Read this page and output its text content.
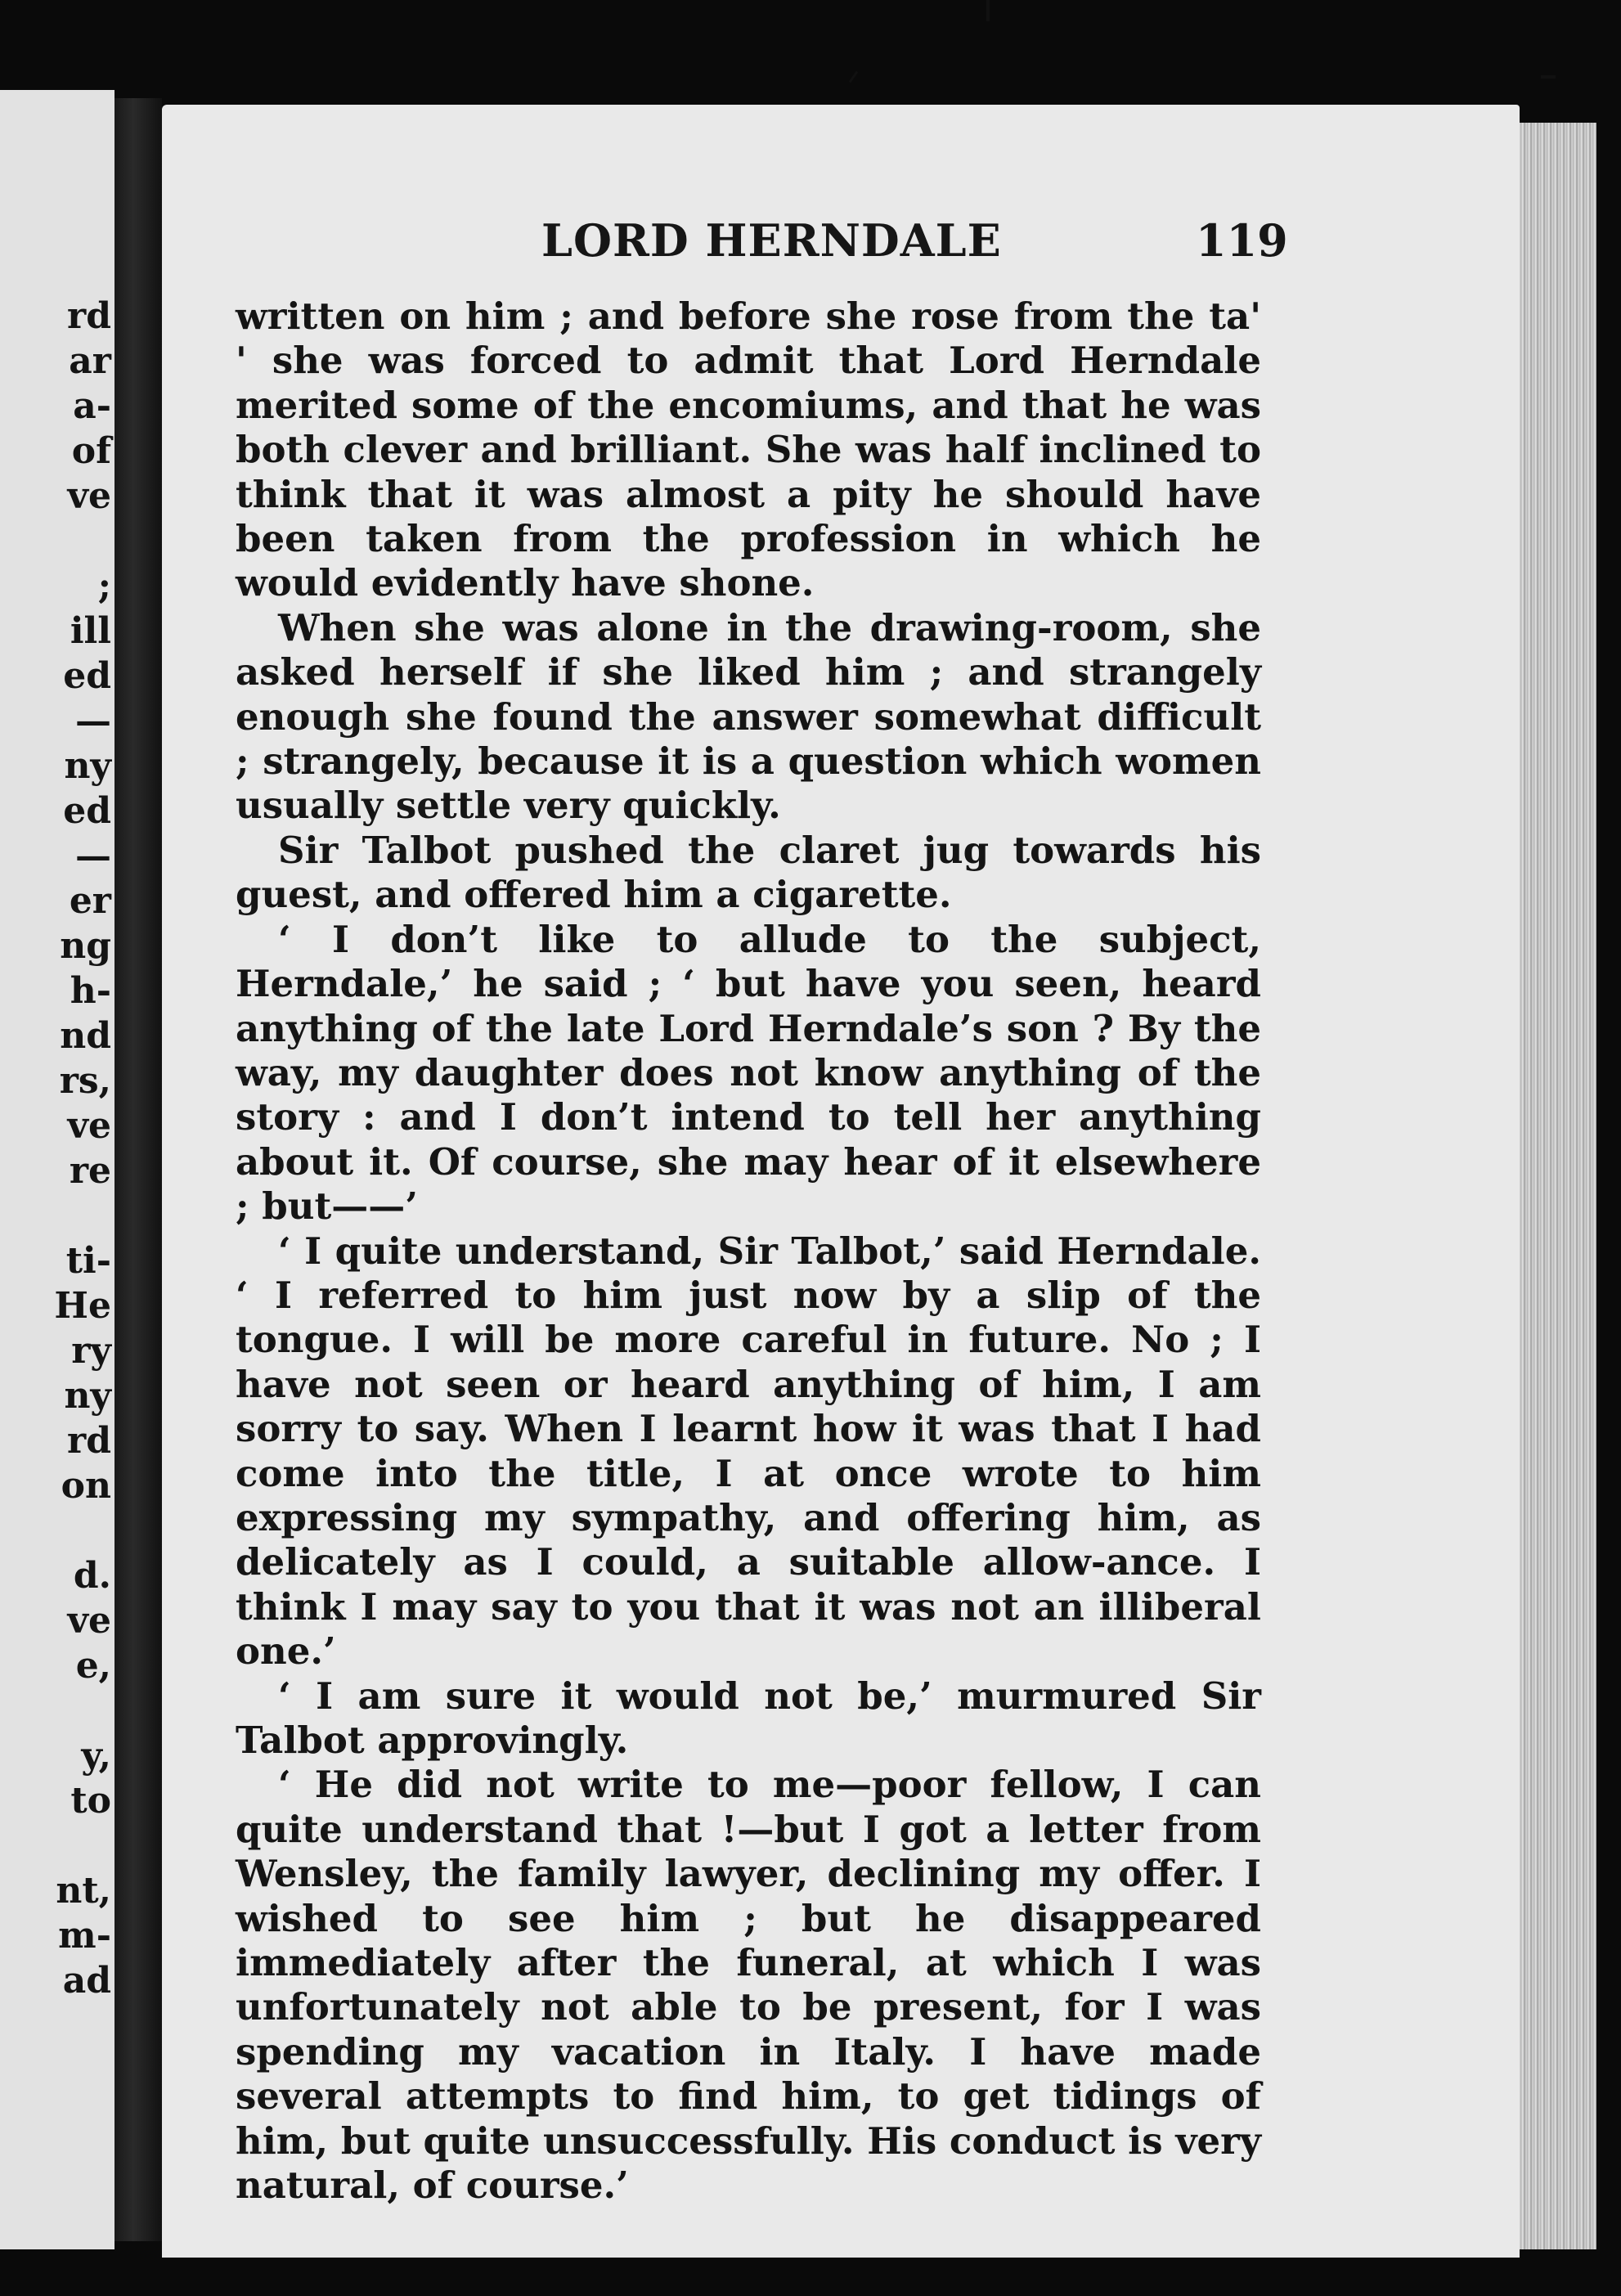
rd
ar
a-
of
ve
;
ill
ed
—
ny
ed
—
er
ng
h-
nd
rs,
ve
re
ti-
He
ry
ny
rd
on
d.
ve
e,
y,
to
nt,
m-
ad
LORD HERNDALE	119

written on him ; and before she rose from the ta' ' she was forced to admit that Lord Herndale merited some of the encomiums, and that he was both clever and brilliant. She was half inclined to think that it was almost a pity he should have been taken from the profession in which he would evidently have shone.

When she was alone in the drawing-room, she asked herself if she liked him ; and strangely enough she found the answer somewhat difficult ; strangely, because it is a question which women usually settle very quickly.

Sir Talbot pushed the claret jug towards his guest, and offered him a cigarette.

‘ I don’t like to allude to the subject, Herndale,’ he said ; ‘ but have you seen, heard anything of the late Lord Herndale’s son ? By the way, my daughter does not know anything of the story : and I don’t intend to tell her anything about it. Of course, she may hear of it elsewhere ; but——’

‘ I quite understand, Sir Talbot,’ said Herndale. ‘ I referred to him just now by a slip of the tongue. I will be more careful in future. No ; I have not seen or heard anything of him, I am sorry to say. When I learnt how it was that I had come into the title, I at once wrote to him expressing my sympathy, and offering him, as delicately as I could, a suitable allow-ance. I think I may say to you that it was not an illiberal one.’

‘ I am sure it would not be,’ murmured Sir Talbot approvingly.

‘ He did not write to me—poor fellow, I can quite understand that !—but I got a letter from Wensley, the family lawyer, declining my offer. I wished to see him ; but he disappeared immediately after the funeral, at which I was unfortunately not able to be present, for I was spending my vacation in Italy. I have made several attempts to find him, to get tidings of him, but quite unsuccessfully. His conduct is very natural, of course.’
